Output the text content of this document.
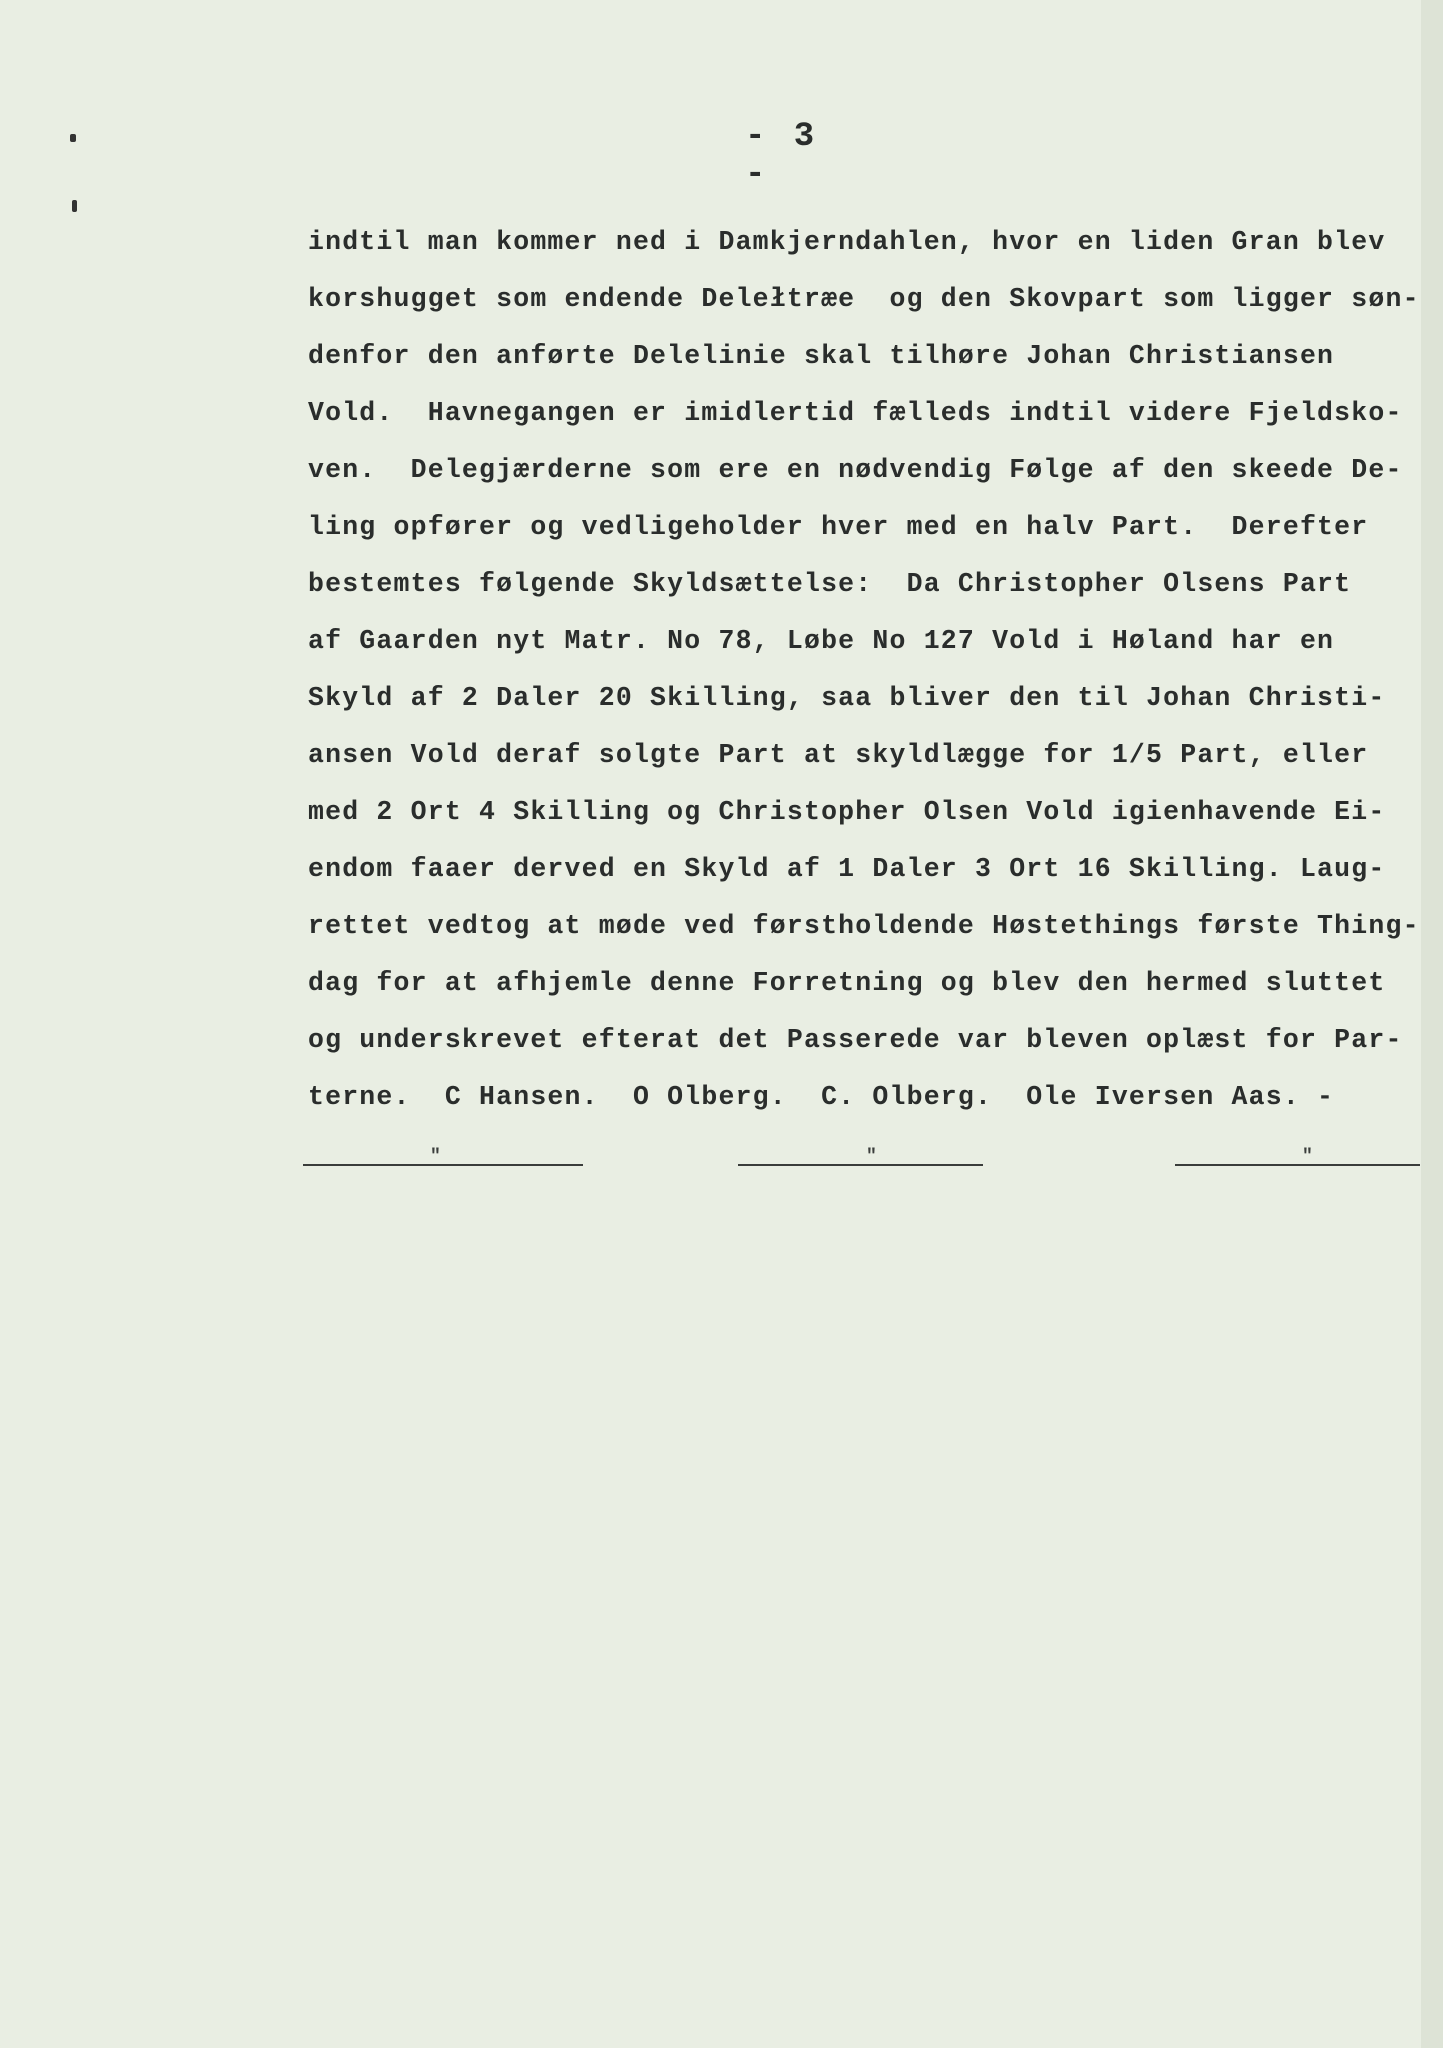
- 3 -
indtil man kommer ned i Damkjerndahlen, hvor en liden Gran blev
korshugget som endende Delełtræe  og den Skovpart som ligger søn-
denfor den anførte Delelinie skal tilhøre Johan Christiansen
Vold.  Havnegangen er imidlertid fælleds indtil videre Fjeldsko-
ven.  Delegjærderne som ere en nødvendig Følge af den skeede De-
ling opfører og vedligeholder hver med en halv Part.  Derefter
bestemtes følgende Skyldsættelse:  Da Christopher Olsens Part
af Gaarden nyt Matr. No 78, Løbe No 127 Vold i Høland har en
Skyld af 2 Daler 20 Skilling, saa bliver den til Johan Christi-
ansen Vold deraf solgte Part at skyldlægge for 1/5 Part, eller
med 2 Ort 4 Skilling og Christopher Olsen Vold igienhavende Ei-
endom faaer derved en Skyld af 1 Daler 3 Ort 16 Skilling. Laug-
rettet vedtog at møde ved førstholdende Høstethings første Thing-
dag for at afhjemle denne Forretning og blev den hermed sluttet
og underskrevet efterat det Passerede var bleven oplæst for Par-
terne.  C Hansen.  O Olberg.  C. Olberg.  Ole Iversen Aas. -
"	"	"
